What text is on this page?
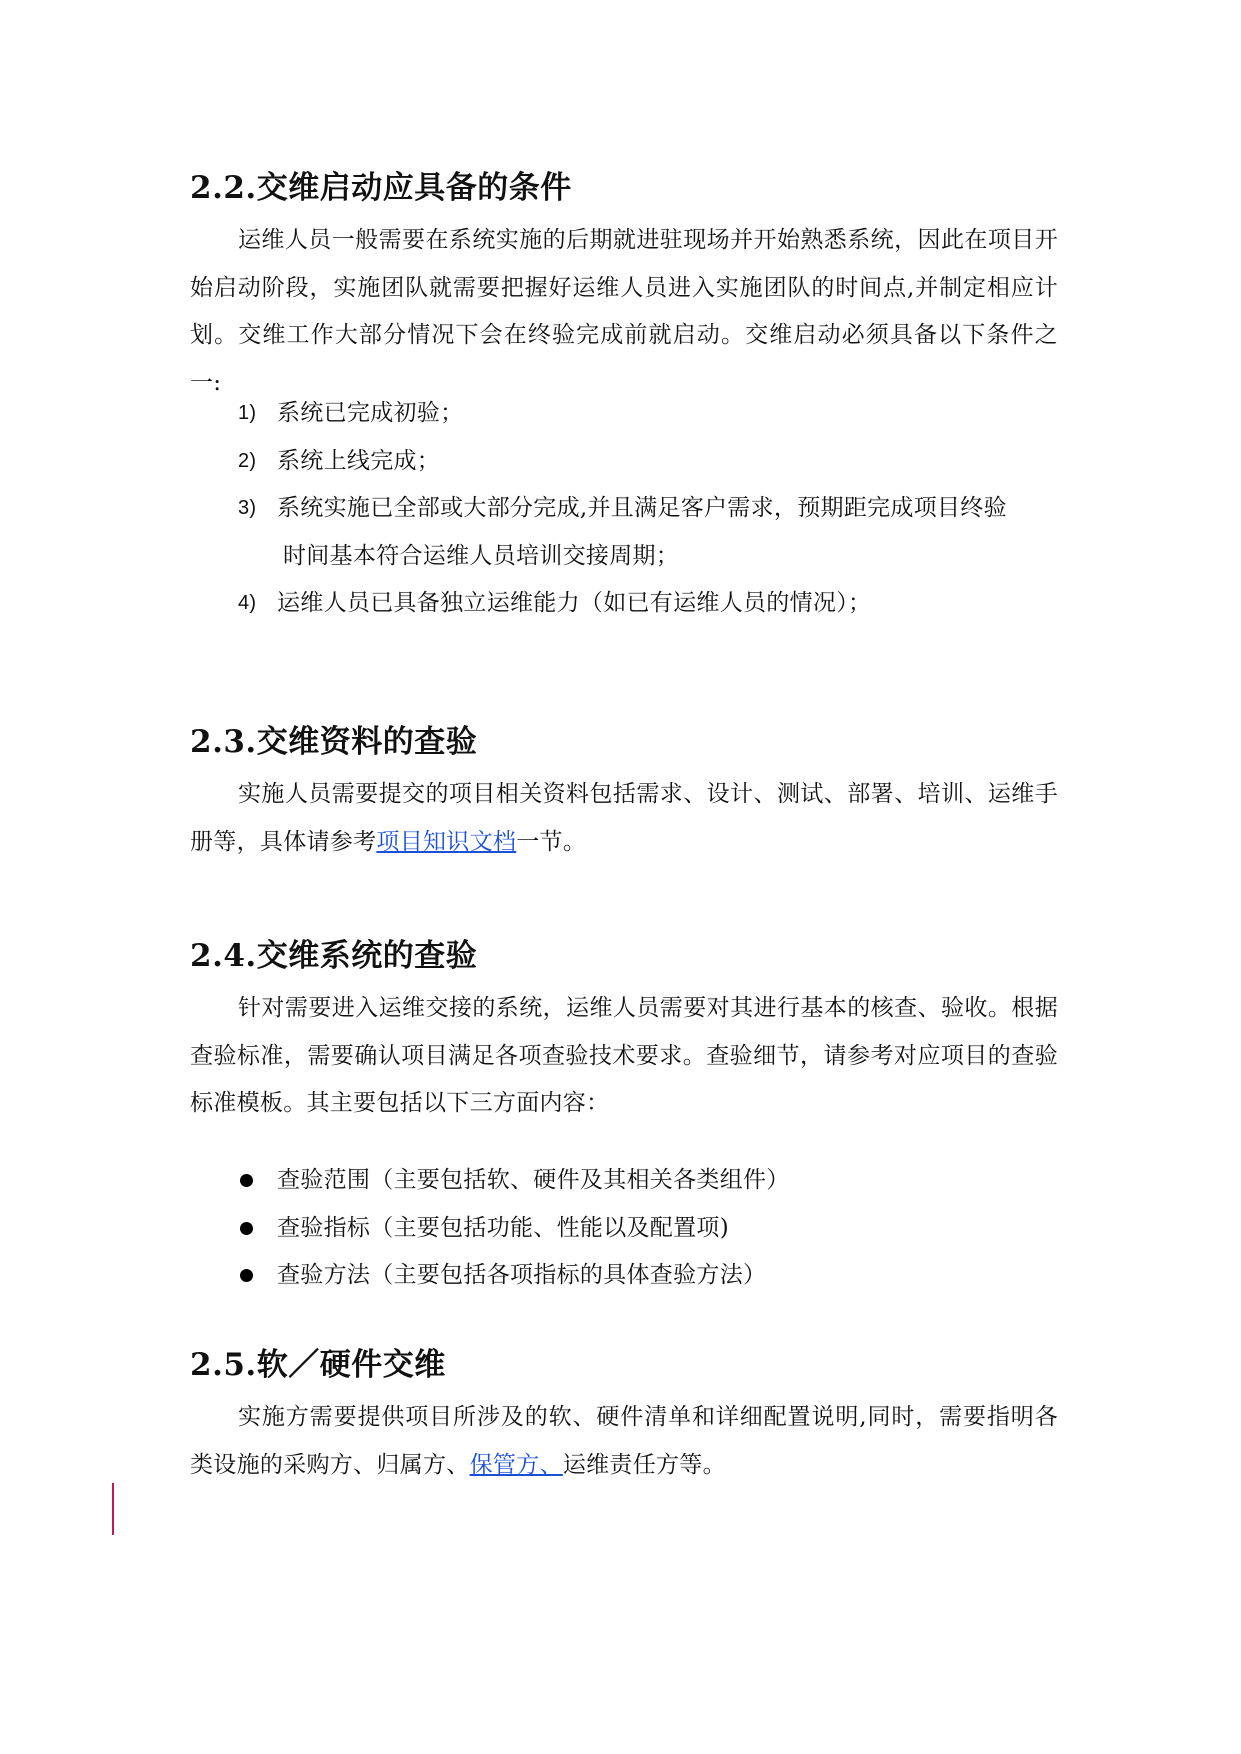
2.2.交维启动应具备的条件

运维人员一般需要在系统实施的后期就进驻现场并开始熟悉系统，因此在项目开始启动阶段，实施团队就需要把握好运维人员进入实施团队的时间点,并制定相应计划。交维工作大部分情况下会在终验完成前就启动。交维启动必须具备以下条件之一:

1) 系统已完成初验；
2) 系统上线完成；
3) 系统实施已全部或大部分完成,并且满足客户需求，预期距完成项目终验
时间基本符合运维人员培训交接周期；
4) 运维人员已具备独立运维能力（如已有运维人员的情况）；
2.3.交维资料的查验

实施人员需要提交的项目相关资料包括需求、设计、测试、部署、培训、运维手册等，具体请参考项目知识文档一节。

2.4.交维系统的查验

针对需要进入运维交接的系统，运维人员需要对其进行基本的核查、验收。根据查验标准，需要确认项目满足各项查验技术要求。查验细节，请参考对应项目的查验标准模板。其主要包括以下三方面内容：

查验范围（主要包括软、硬件及其相关各类组件）
查验指标（主要包括功能、性能以及配置项)
查验方法（主要包括各项指标的具体查验方法）
2.5.软／硬件交维

实施方需要提供项目所涉及的软、硬件清单和详细配置说明,同时，需要指明各类设施的采购方、归属方、保管方、运维责任方等。
